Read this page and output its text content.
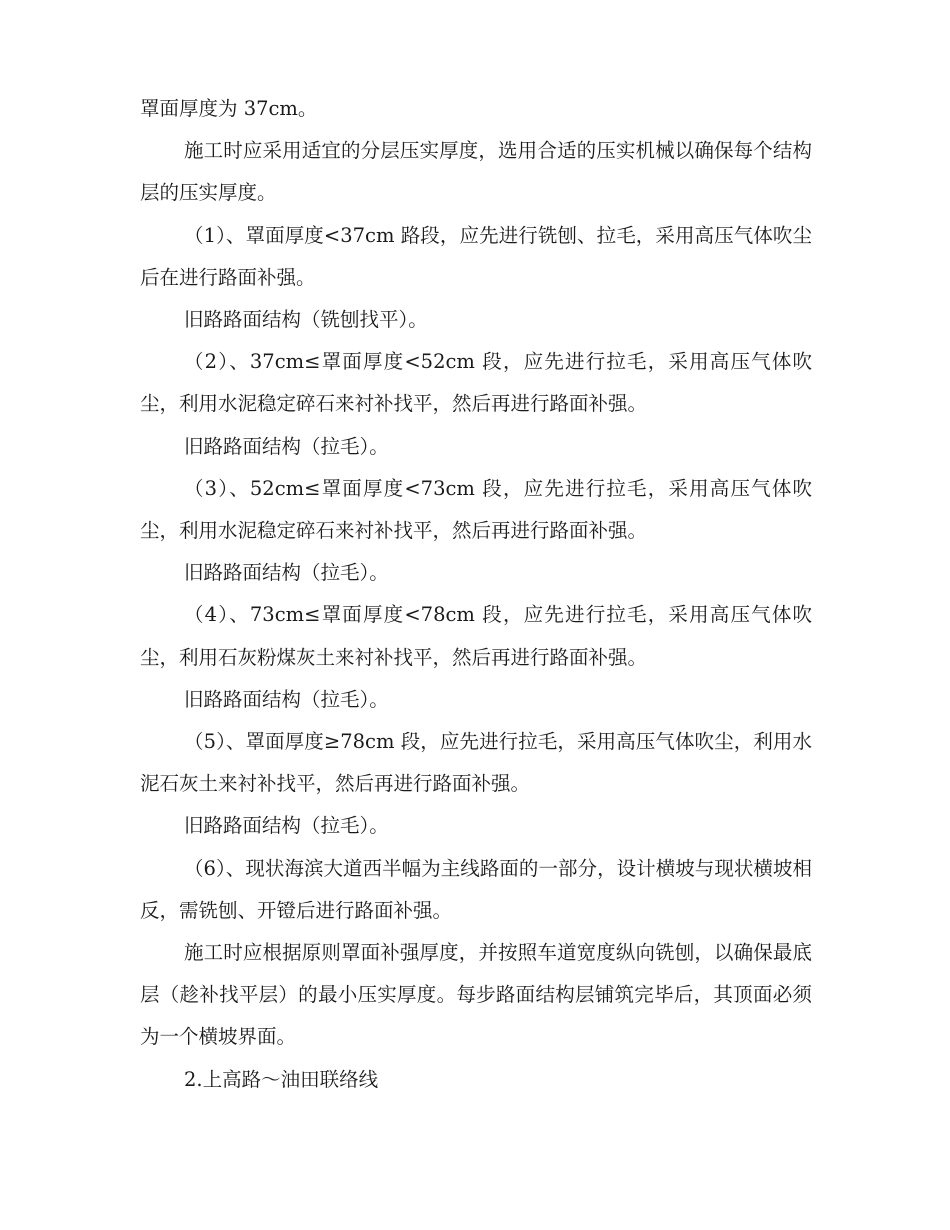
罩面厚度为 37cm。

施工时应采用适宜的分层压实厚度，选用合适的压实机械以确保每个结构层的压实厚度。

（1）、罩面厚度<37cm 路段，应先进行铣刨、拉毛，采用高压气体吹尘后在进行路面补强。

旧路路面结构（铣刨找平）。

（2）、37cm≤罩面厚度<52cm 段，应先进行拉毛，采用高压气体吹尘，利用水泥稳定碎石来衬补找平，然后再进行路面补强。

旧路路面结构（拉毛）。

（3）、52cm≤罩面厚度<73cm 段，应先进行拉毛，采用高压气体吹尘，利用水泥稳定碎石来衬补找平，然后再进行路面补强。

旧路路面结构（拉毛）。

（4）、73cm≤罩面厚度<78cm 段，应先进行拉毛，采用高压气体吹尘，利用石灰粉煤灰土来衬补找平，然后再进行路面补强。

旧路路面结构（拉毛）。

（5）、罩面厚度≥78cm 段，应先进行拉毛，采用高压气体吹尘，利用水泥石灰土来衬补找平，然后再进行路面补强。

旧路路面结构（拉毛）。

（6）、现状海滨大道西半幅为主线路面的一部分，设计横坡与现状横坡相反，需铣刨、开镫后进行路面补强。

施工时应根据原则罩面补强厚度，并按照车道宽度纵向铣刨，以确保最底层（趁补找平层）的最小压实厚度。每步路面结构层铺筑完毕后，其顶面必须为一个横坡界面。

2.上高路～油田联络线
